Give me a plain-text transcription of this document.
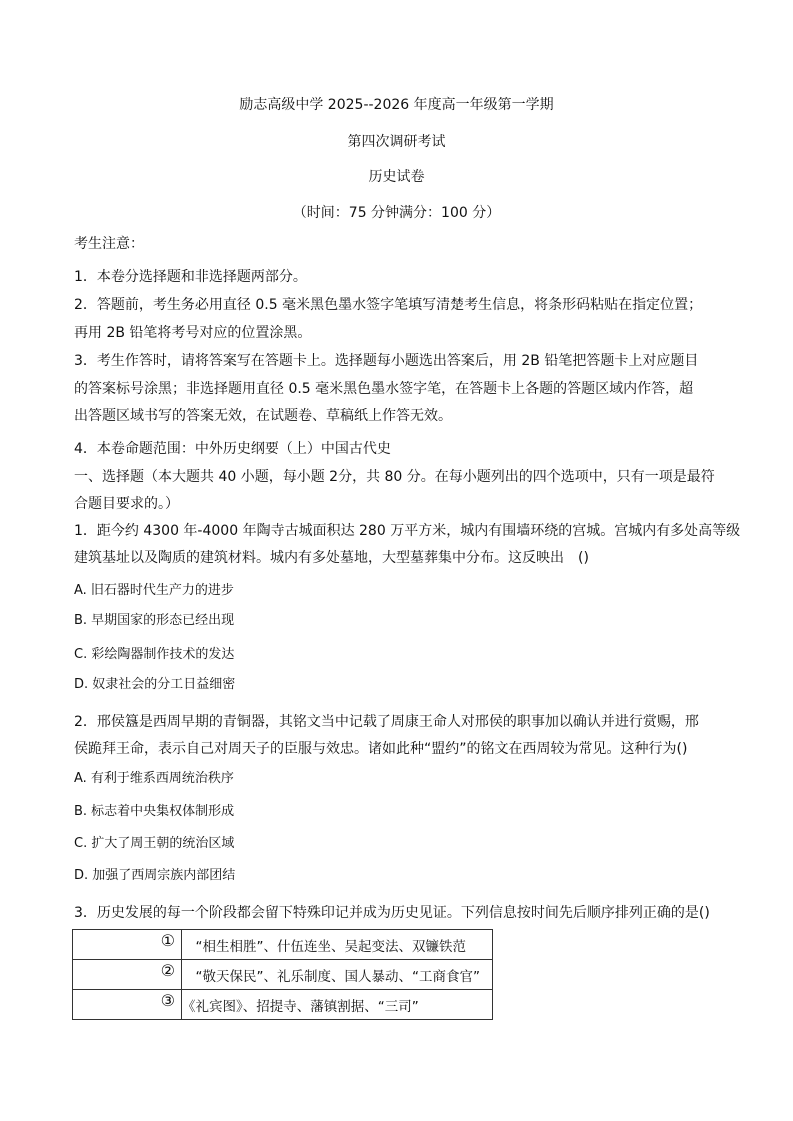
励志高级中学 2025--2026 年度高一年级第一学期
第四次调研考试
历史试卷
（时间：75 分钟满分：100 分）
考生注意：
1．本卷分选择题和非选择题两部分。
2．答题前，考生务必用直径 0.5 毫米黑色墨水签字笔填写清楚考生信息，将条形码粘贴在指定位置；
再用 2B 铅笔将考号对应的位置涂黑。
3．考生作答时，请将答案写在答题卡上。选择题每小题选出答案后，用 2B 铅笔把答题卡上对应题目
的答案标号涂黑；非选择题用直径 0.5 毫米黑色墨水签字笔，在答题卡上各题的答题区域内作答，超
出答题区域书写的答案无效，在试题卷、草稿纸上作答无效。
4．本卷命题范围：中外历史纲要（上）中国古代史
一、选择题（本大题共 40 小题，每小题 2分，共 80 分。在每小题列出的四个选项中，只有一项是最符
合题目要求的。）
1．距今约 4300 年-4000 年陶寺古城面积达 280 万平方米，城内有围墙环绕的宫城。宫城内有多处高等级
建筑基址以及陶质的建筑材料。城内有多处墓地，大型墓葬集中分布。这反映出　()
A. 旧石器时代生产力的进步
B. 早期国家的形态已经出现
C. 彩绘陶器制作技术的发达
D. 奴隶社会的分工日益细密
2．邢侯簋是西周早期的青铜器，其铭文当中记载了周康王命人对邢侯的职事加以确认并进行赏赐，邢
侯跪拜王命，表示自己对周天子的臣服与效忠。诸如此种“盟约”的铭文在西周较为常见。这种行为()
A. 有利于维系西周统治秩序
B. 标志着中央集权体制形成
C. 扩大了周王朝的统治区域
D. 加强了西周宗族内部团结
3．历史发展的每一个阶段都会留下特殊印记并成为历史见证。下列信息按时间先后顺序排列正确的是()
①	　“相生相胜”、什伍连坐、吴起变法、双镰铁范
②	　“敬天保民”、礼乐制度、国人暴动、“工商食官”
③	《礼宾图》、招提寺、藩镇割据、“三司”
